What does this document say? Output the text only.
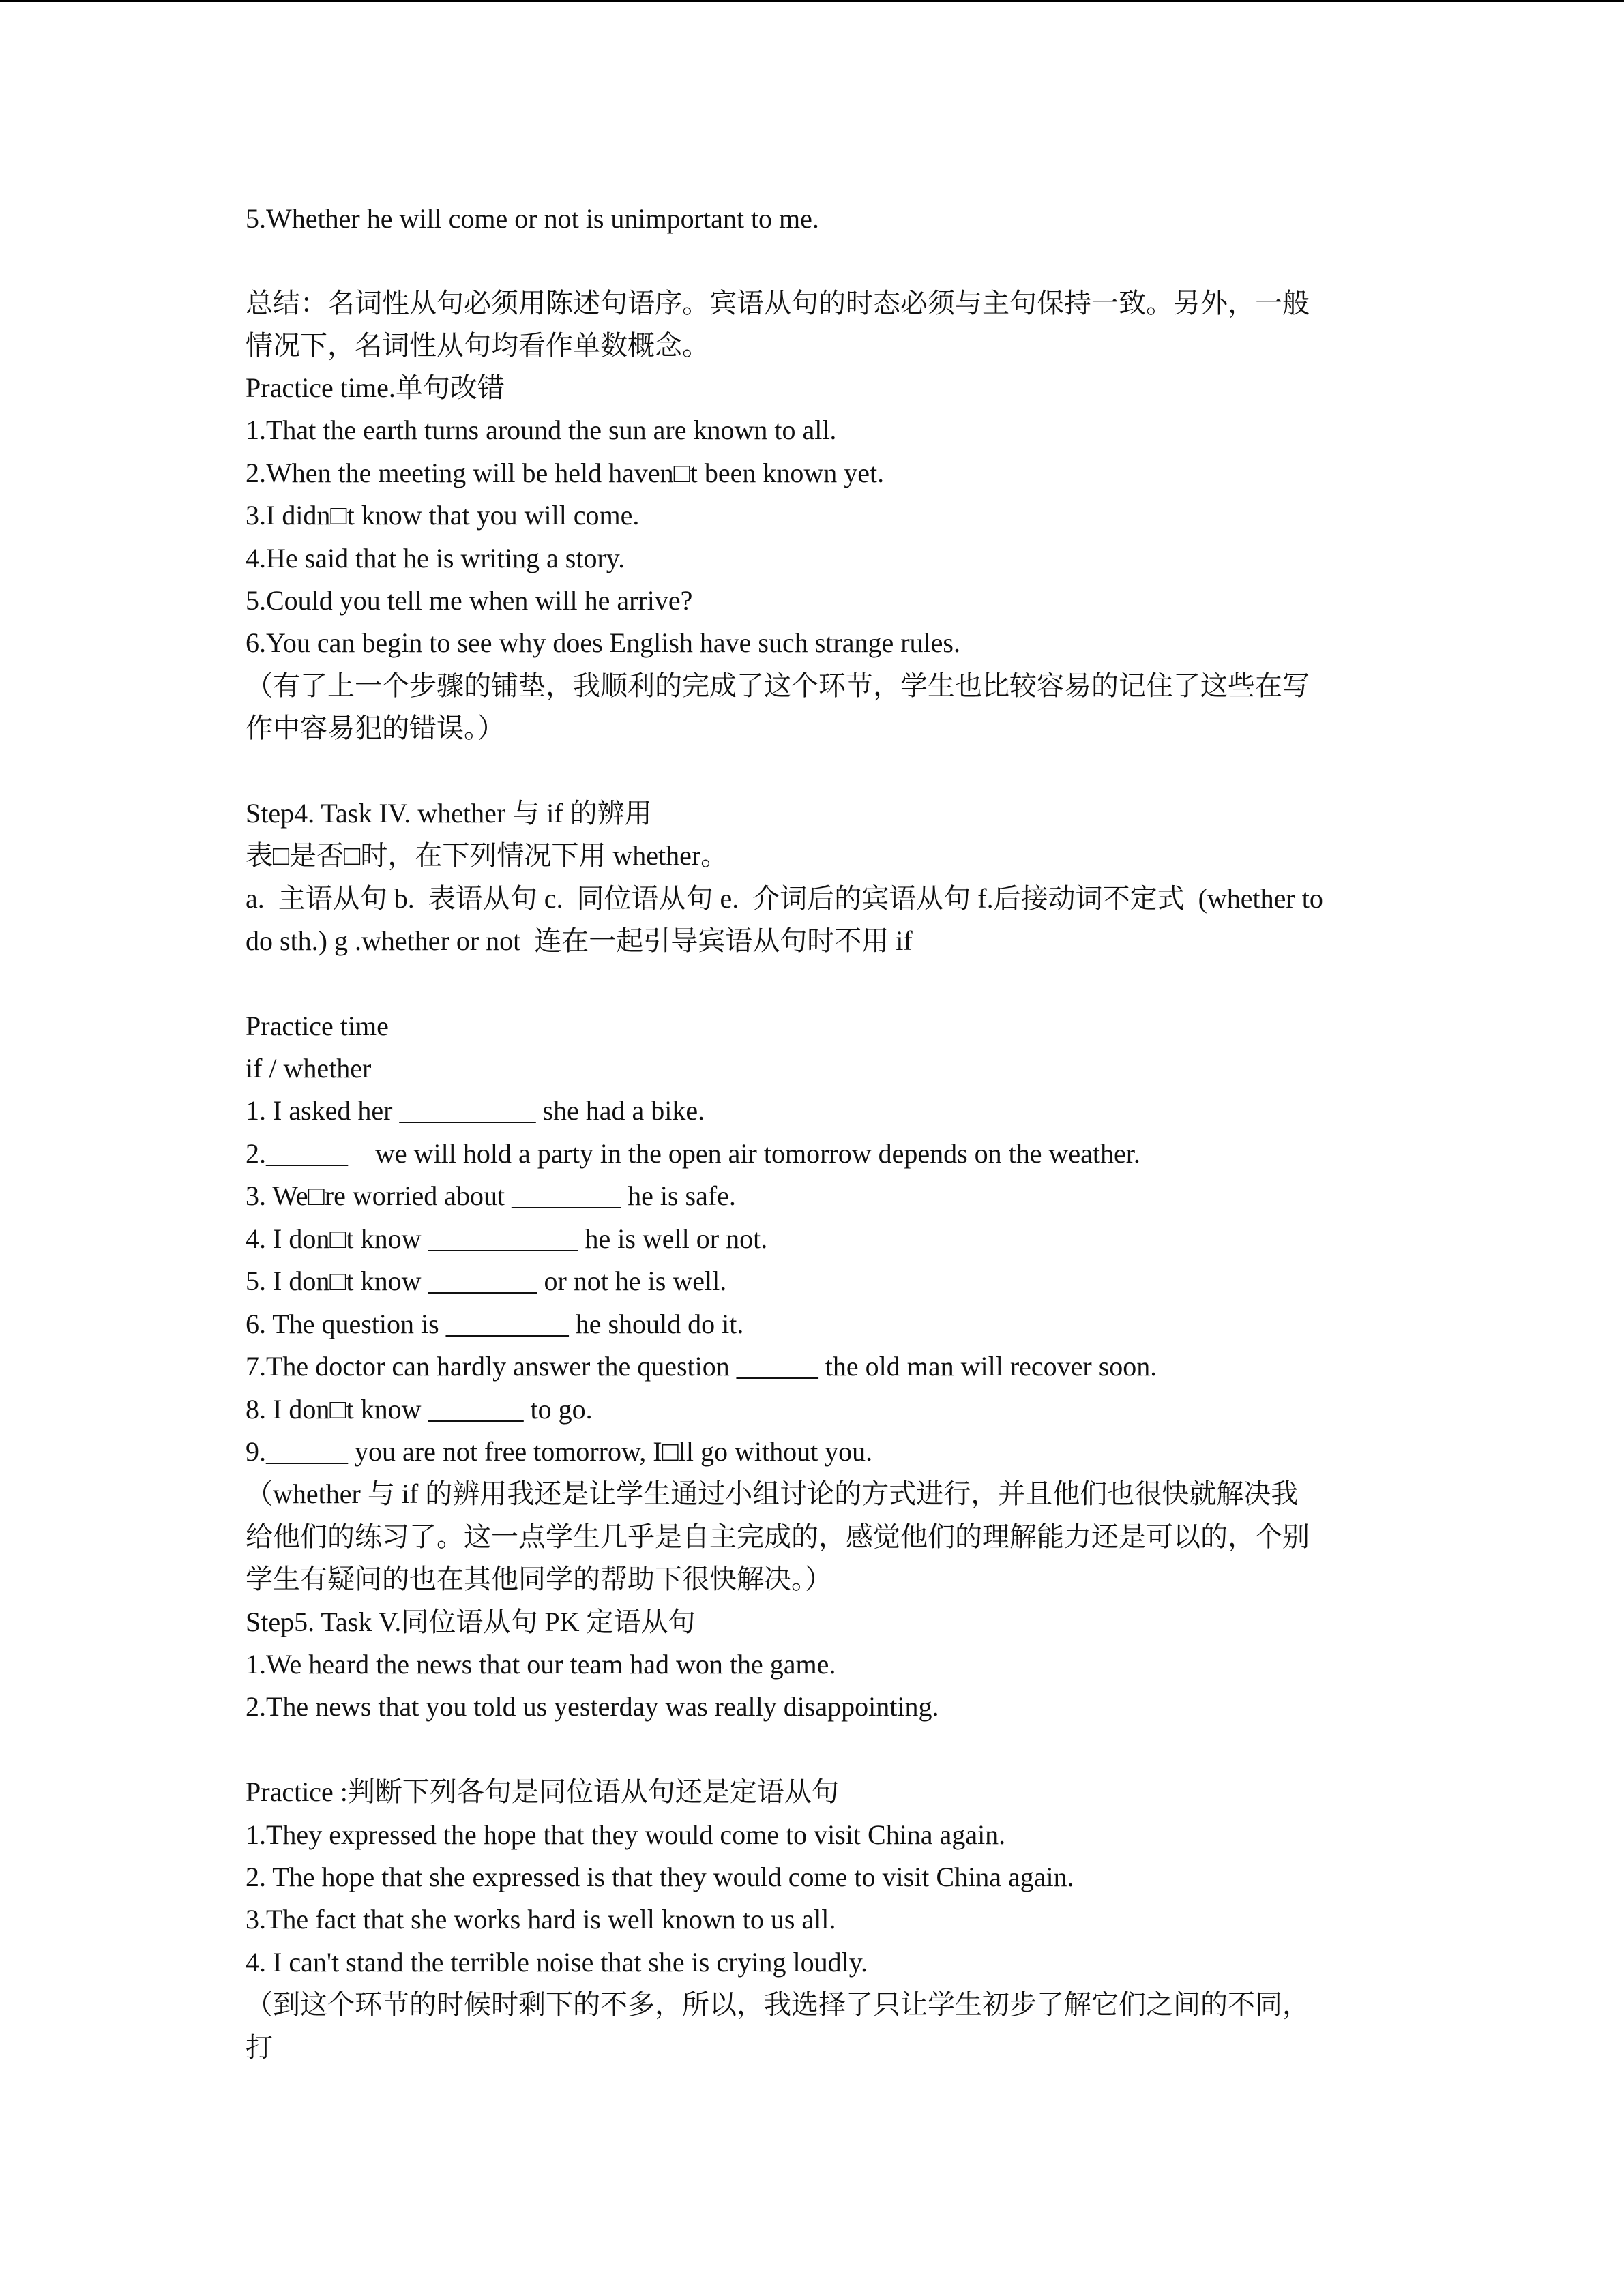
5.Whether he will come or not is unimportant to me.

总结：名词性从句必须用陈述句语序。宾语从句的时态必须与主句保持一致。另外，一般

情况下，名词性从句均看作单数概念。

Practice time.单句改错

1.That the earth turns around the sun are known to all.

2.When the meeting will be held haven□t been known yet.

3.I didn□t know that you will come.

4.He said that he is writing a story.

5.Could you tell me when will he arrive?

6.You can begin to see why does English have such strange rules.

（有了上一个步骤的铺垫，我顺利的完成了这个环节，学生也比较容易的记住了这些在写

作中容易犯的错误。）

Step4. Task IV. whether 与 if 的辨用

表□是否□时，在下列情况下用 whether。

a.  主语从句 b.  表语从句 c.  同位语从句 e.  介词后的宾语从句 f.后接动词不定式  (whether to

do sth.) g .whether or not  连在一起引导宾语从句时不用 if

Practice time

if / whether

1. I asked her __________ she had a bike.

2.______    we will hold a party in the open air tomorrow depends on the weather.

3. We□re worried about ________ he is safe.

4. I don□t know ___________ he is well or not.

5. I don□t know ________ or not he is well.

6. The question is _________ he should do it.

7.The doctor can hardly answer the question ______ the old man will recover soon.

8. I don□t know _______ to go.

9.______ you are not free tomorrow, I□ll go without you.

（whether 与 if 的辨用我还是让学生通过小组讨论的方式进行，并且他们也很快就解决我

给他们的练习了。这一点学生几乎是自主完成的，感觉他们的理解能力还是可以的，个别

学生有疑问的也在其他同学的帮助下很快解决。）

Step5. Task V.同位语从句 PK 定语从句

1.We heard the news that our team had won the game.

2.The news that you told us yesterday was really disappointing.

Practice :判断下列各句是同位语从句还是定语从句

1.They expressed the hope that they would come to visit China again.

2. The hope that she expressed is that they would come to visit China again.

3.The fact that she works hard is well known to us all.

4. I can't stand the terrible noise that she is crying loudly.

（到这个环节的时候时剩下的不多，所以，我选择了只让学生初步了解它们之间的不同，

打
